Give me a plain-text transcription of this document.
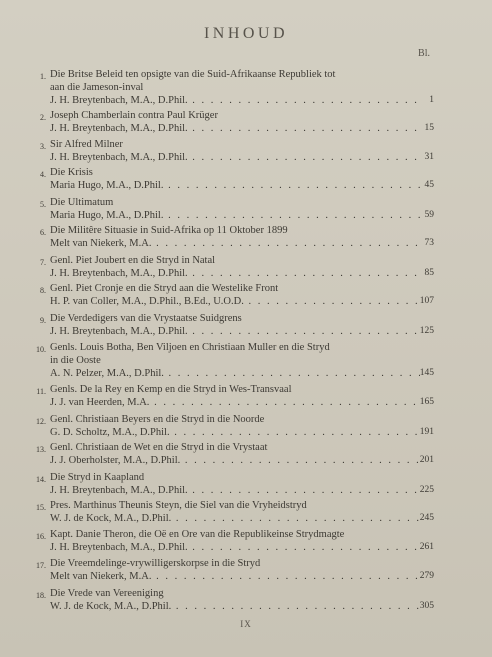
INHOUD
Bl.
1. Die Britse Beleid ten opsigte van die Suid-Afrikaanse Republiek tot
aan die Jameson-inval
J. H. Breytenbach, M.A., D.Phil. . . .	1
2. Joseph Chamberlain contra Paul Krüger
J. H. Breytenbach, M.A., D.Phil. . . .	15
3. Sir Alfred Milner
J. H. Breytenbach, M.A., D.Phil. . . .	31
4. Die Krisis
Maria Hugo, M.A., D.Phil. . . .	45
5. Die Ultimatum
Maria Hugo, M.A., D.Phil. . . .	59
6. Die Militêre Situasie in Suid-Afrika op 11 Oktober 1899
Melt van Niekerk, M.A. . . .	73
7. Genl. Piet Joubert en die Stryd in Natal
J. H. Breytenbach, M.A., D.Phil. . . .	85
8. Genl. Piet Cronje en die Stryd aan die Westelike Front
H. P. van Coller, M.A., D.Phil., B.Ed., U.O.D. . . .	107
9. Die Verdedigers van die Vrystaatse Suidgrens
J. H. Breytenbach, M.A., D.Phil. . . .	125
10. Genls. Louis Botha, Ben Viljoen en Christiaan Muller en die Stryd
in die Ooste
A. N. Pelzer, M.A., D.Phil. . . .	145
11. Genls. De la Rey en Kemp en die Stryd in Wes-Transvaal
J. J. van Heerden, M.A. . . .	165
12. Genl. Christiaan Beyers en die Stryd in die Noorde
G. D. Scholtz, M.A., D.Phil. . . .	191
13. Genl. Christiaan de Wet en die Stryd in die Vrystaat
J. J. Oberholster, M.A., D.Phil. . . .	201
14. Die Stryd in Kaapland
J. H. Breytenbach, M.A., D.Phil. . . .	225
15. Pres. Marthinus Theunis Steyn, die Siel van die Vryheidstryd
W. J. de Kock, M.A., D.Phil. . . .	245
16. Kapt. Danie Theron, die Oë en Ore van die Republikeinse Strydmagte
J. H. Breytenbach, M.A., D.Phil. . . .	261
17. Die Vreemdelinge-vrywilligerskorpse in die Stryd
Melt van Niekerk, M.A. . . .	279
18. Die Vrede van Vereeniging
W. J. de Kock, M.A., D.Phil. . . .	305
IX
